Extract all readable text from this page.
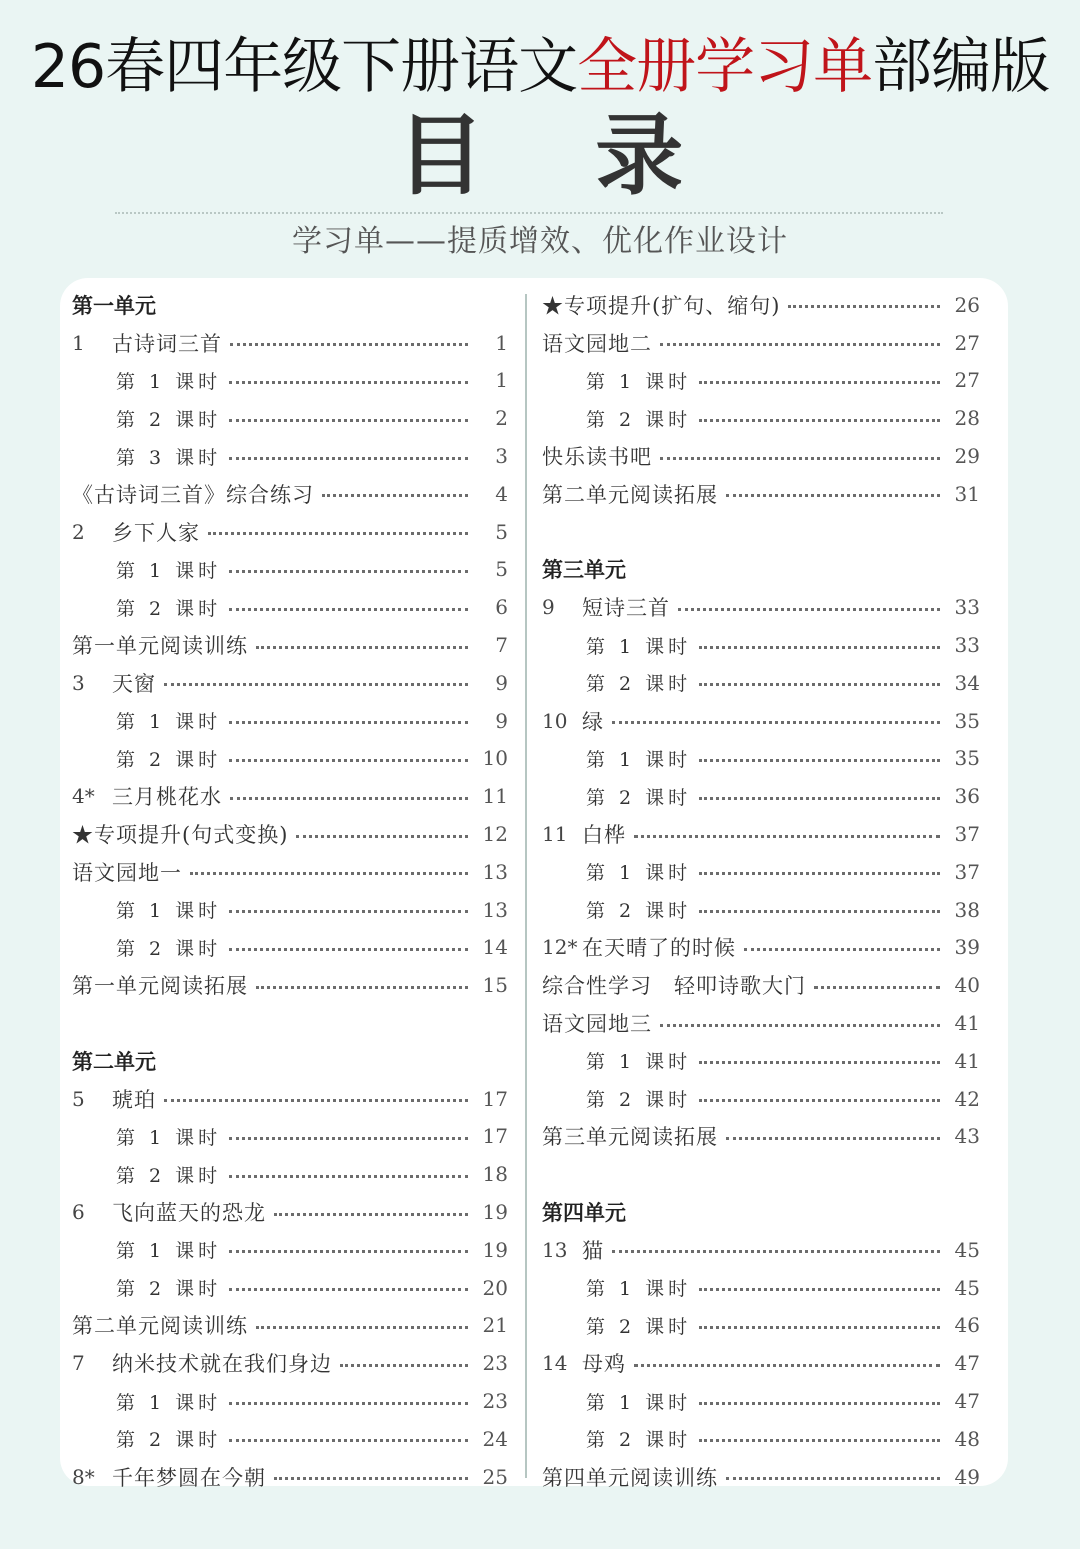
26春四年级下册语文全册学习单部编版
目 录
学习单——提质增效、优化作业设计
第一单元
1	古诗词三首	1
第 1 课时	1
第 2 课时	2
第 3 课时	3
《古诗词三首》综合练习	4
2	乡下人家	5
第 1 课时	5
第 2 课时	6
第一单元阅读训练	7
3	天窗	9
第 1 课时	9
第 2 课时	10
4* 三月桃花水	11
★专项提升(句式变换)	12
语文园地一	13
第 1 课时	13
第 2 课时	14
第一单元阅读拓展	15
第二单元
5	琥珀	17
第 1 课时	17
第 2 课时	18
6	飞向蓝天的恐龙	19
第 1 课时	19
第 2 课时	20
第二单元阅读训练	21
7	纳米技术就在我们身边	23
第 1 课时	23
第 2 课时	24
8* 千年梦圆在今朝	25
★专项提升(扩句、缩句)	26
语文园地二	27
第 1 课时	27
第 2 课时	28
快乐读书吧	29
第二单元阅读拓展	31
第三单元
9	短诗三首	33
第 1 课时	33
第 2 课时	34
10 绿	35
第 1 课时	35
第 2 课时	36
11 白桦	37
第 1 课时	37
第 2 课时	38
12* 在天晴了的时候	39
综合性学习　轻叩诗歌大门	40
语文园地三	41
第 1 课时	41
第 2 课时	42
第三单元阅读拓展	43
第四单元
13 猫	45
第 1 课时	45
第 2 课时	46
14 母鸡	47
第 1 课时	47
第 2 课时	48
第四单元阅读训练	49
